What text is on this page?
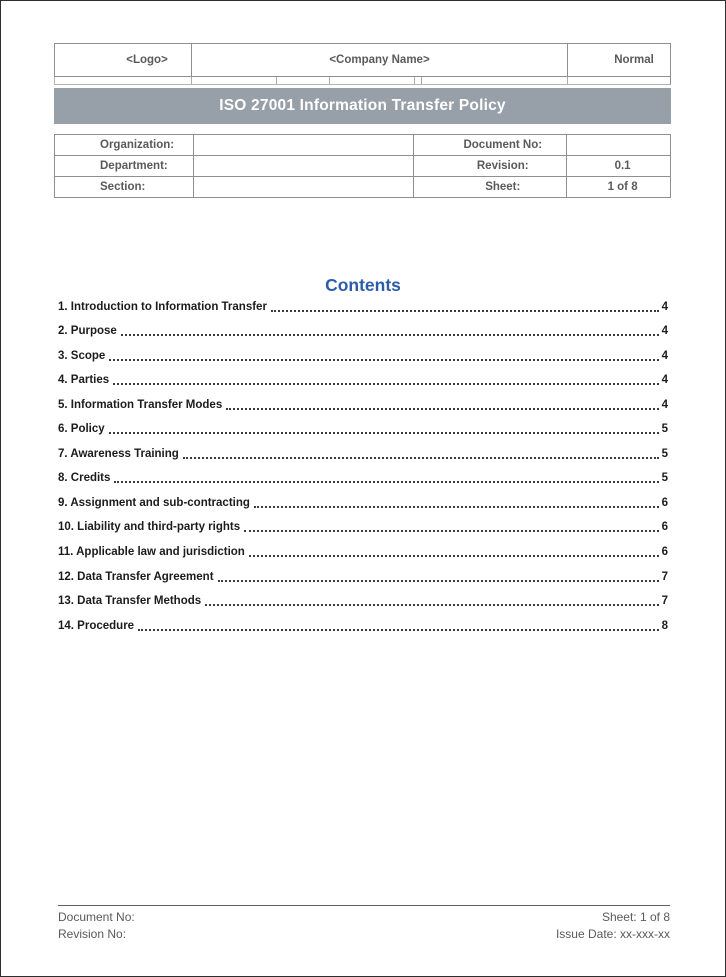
<Logo>	<Company Name>	Normal
ISO 27001 Information Transfer Policy
Organization:		Document No:	
Department:		Revision:	0.1
Section:		Sheet:	1 of 8
Contents
1. Introduction to Information Transfer	4
2. Purpose	4
3. Scope	4
4. Parties	4
5. Information Transfer Modes	4
6. Policy	5
7. Awareness Training	5
8. Credits	5
9. Assignment and sub-contracting	6
10. Liability and third-party rights	6
11. Applicable law and jurisdiction	6
12. Data Transfer Agreement	7
13. Data Transfer Methods	7
14. Procedure	8
Document No:
Revision No:
Sheet: 1 of 8
Issue Date: xx-xxx-xx
